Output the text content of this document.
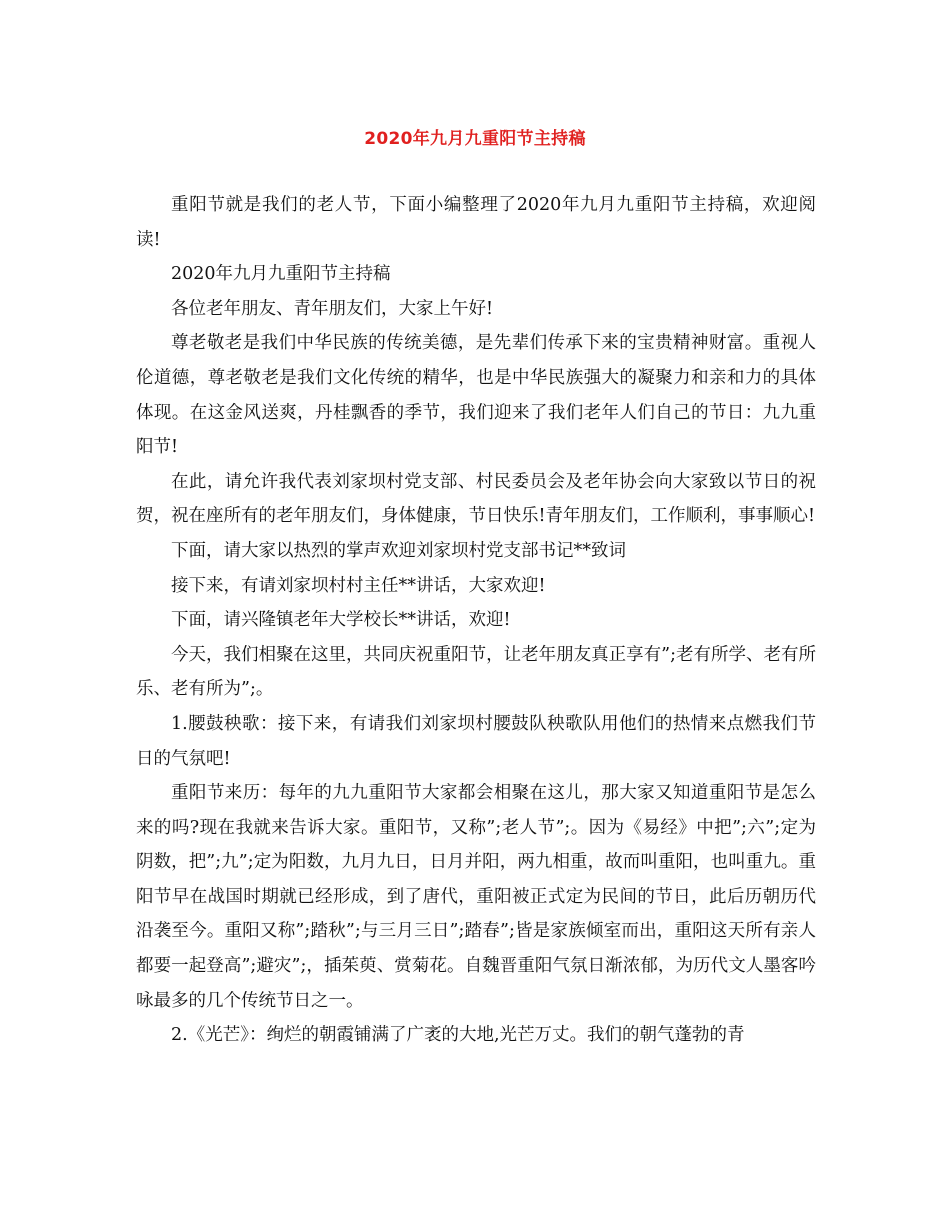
2020年九月九重阳节主持稿

重阳节就是我们的老人节，下面小编整理了2020年九月九重阳节主持稿，欢迎阅读!

2020年九月九重阳节主持稿

各位老年朋友、青年朋友们，大家上午好!

尊老敬老是我们中华民族的传统美德，是先辈们传承下来的宝贵精神财富。重视人伦道德，尊老敬老是我们文化传统的精华，也是中华民族强大的凝聚力和亲和力的具体体现。在这金风送爽，丹桂飘香的季节，我们迎来了我们老年人们自己的节日：九九重阳节!

在此，请允许我代表刘家坝村党支部、村民委员会及老年协会向大家致以节日的祝贺，祝在座所有的老年朋友们，身体健康，节日快乐!青年朋友们，工作顺利，事事顺心!

下面，请大家以热烈的掌声欢迎刘家坝村党支部书记**致词

接下来，有请刘家坝村村主任**讲话，大家欢迎!

下面，请兴隆镇老年大学校长**讲话，欢迎!

今天，我们相聚在这里，共同庆祝重阳节，让老年朋友真正享有”;老有所学、老有所乐、老有所为”;。

1.腰鼓秧歌：接下来，有请我们刘家坝村腰鼓队秧歌队用他们的热情来点燃我们节日的气氛吧!

重阳节来历：每年的九九重阳节大家都会相聚在这儿，那大家又知道重阳节是怎么来的吗?现在我就来告诉大家。重阳节，又称”;老人节”;。因为《易经》中把”;六”;定为阴数，把”;九”;定为阳数，九月九日，日月并阳，两九相重，故而叫重阳，也叫重九。重阳节早在战国时期就已经形成，到了唐代，重阳被正式定为民间的节日，此后历朝历代沿袭至今。重阳又称”;踏秋”;与三月三日”;踏春”;皆是家族倾室而出，重阳这天所有亲人都要一起登高”;避灾”;，插茱萸、赏菊花。自魏晋重阳气氛日渐浓郁，为历代文人墨客吟咏最多的几个传统节日之一。

2.《光芒》：绚烂的朝霞铺满了广袤的大地,光芒万丈。我们的朝气蓬勃的青
